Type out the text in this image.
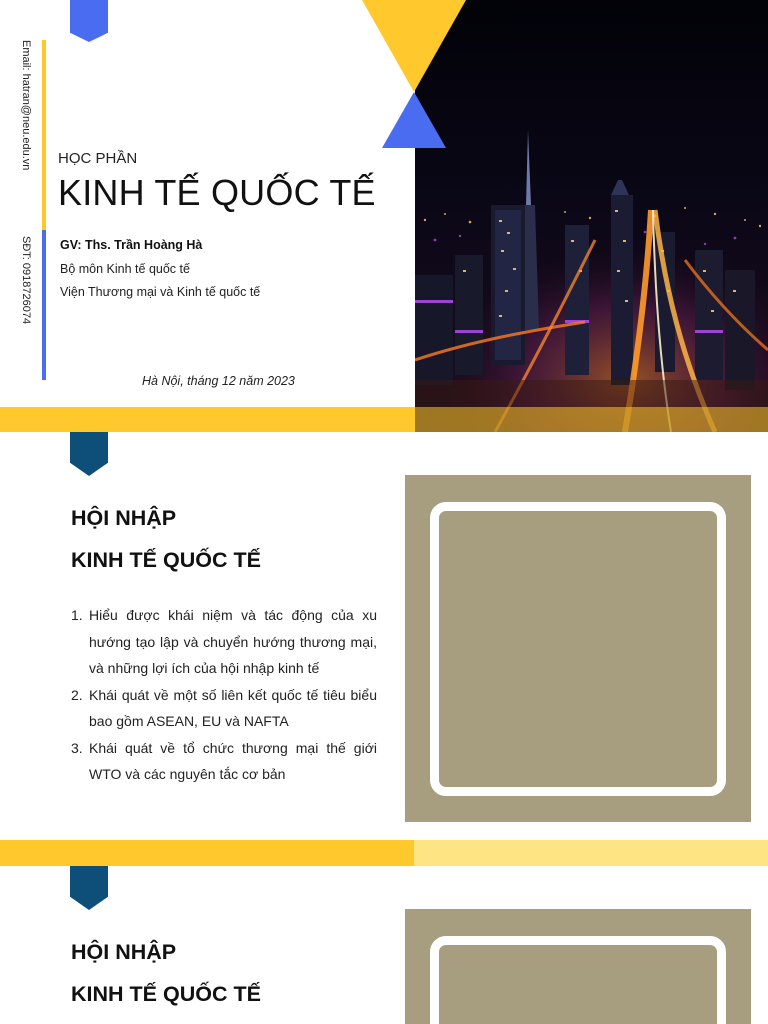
Email: hatran@neu.edu.vn
SĐT: 0918726074
HỌC PHẦN
KINH TẾ QUỐC TẾ
GV: Ths. Trần Hoàng Hà
Bộ môn Kinh tế quốc tế
Viện Thương mại và Kinh tế quốc tế
Hà Nội, tháng 12 năm 2023
HỘI NHẬP
KINH TẾ QUỐC TẾ
1. Hiểu được khái niệm và tác động của xu hướng tạo lập và chuyển hướng thương mại, và những lợi ích của hội nhập kinh tế
2. Khái quát về một số liên kết quốc tế tiêu biểu bao gồm ASEAN, EU và NAFTA
3. Khái quát về tổ chức thương mại thế giới WTO và các nguyên tắc cơ bản
HỘI NHẬP
KINH TẾ QUỐC TẾ
